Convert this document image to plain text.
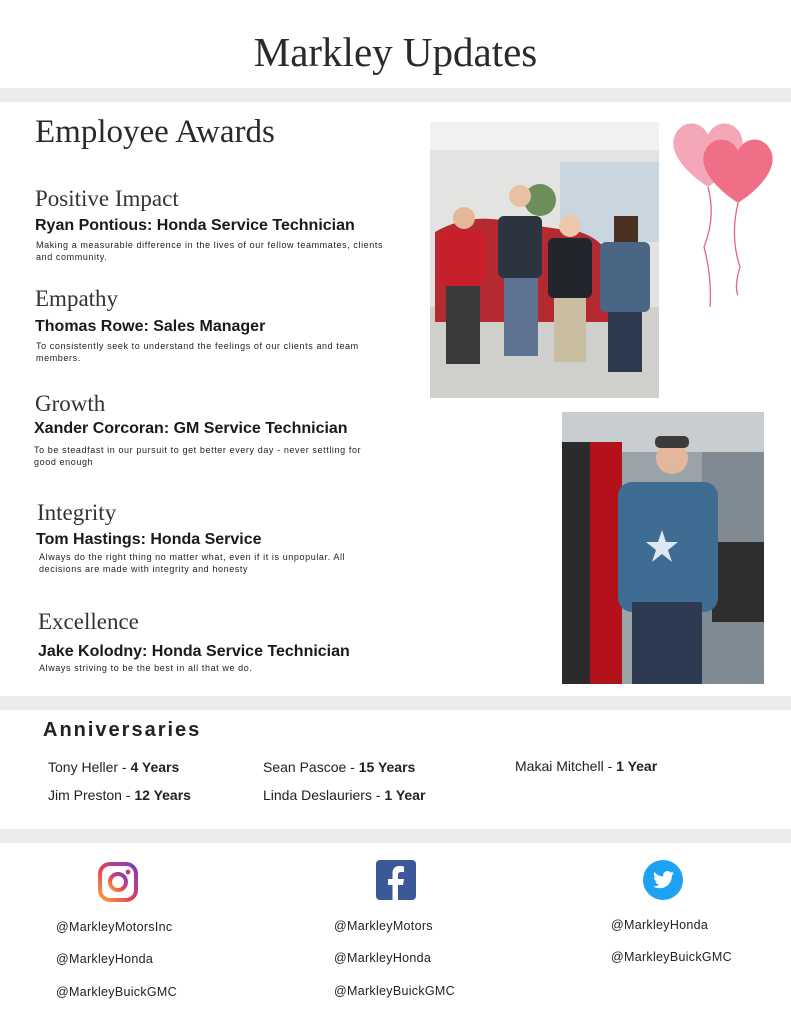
Markley Updates
Employee Awards
Positive Impact
Ryan Pontious: Honda Service Technician
Making a measurable difference in the lives of our fellow teammates, clients and community.
Empathy
Thomas Rowe: Sales Manager
To consistently seek to understand the feelings of our clients and team members.
Growth
Xander Corcoran: GM Service Technician
To be steadfast in our pursuit to get better every day - never settling for good enough
Integrity
Tom Hastings: Honda Service
Always do the right thing no matter what, even if it is unpopular. All decisions are made with integrity and honesty
Excellence
Jake Kolodny: Honda Service Technician
Always striving to be the best in all that we do.
Anniversaries
Tony Heller - 4 Years	Sean Pascoe - 15 Years	Makai Mitchell - 1 Year
Jim Preston - 12 Years	Linda Deslauriers - 1 Year
@MarkleyMotorsInc
@MarkleyHonda
@MarkleyBuickGMC
@MarkleyMotors
@MarkleyHonda
@MarkleyBuickGMC
@MarkleyHonda
@MarkleyBuickGMC
